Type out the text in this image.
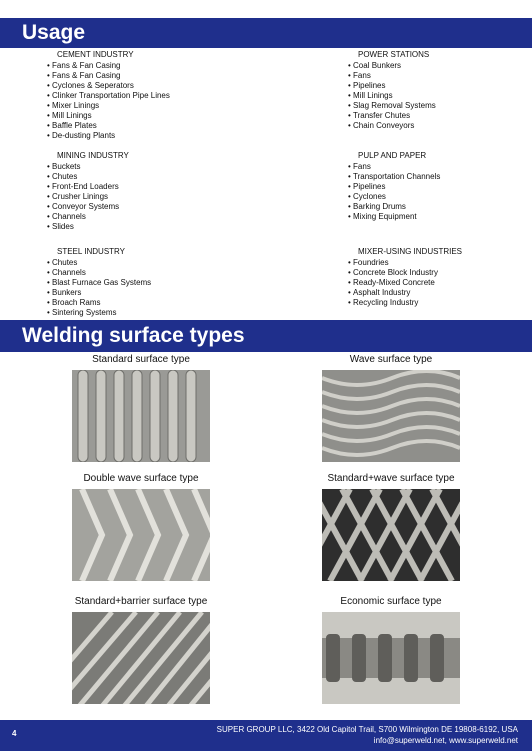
Usage
CEMENT INDUSTRY
• Fans & Fan Casing
• Fans & Fan Casing
• Cyclones & Seperators
• Clinker Transportation Pipe Lines
• Mixer Linings
• Mill Linings
• Baffle Plates
• De-dusting Plants
POWER STATIONS
• Coal Bunkers
• Fans
• Pipelines
• Mill Linings
• Slag Removal Systems
• Transfer Chutes
• Chain Conveyors
MINING INDUSTRY
• Buckets
• Chutes
• Front-End Loaders
• Crusher Linings
• Conveyor Systems
• Channels
• Slides
PULP AND PAPER
• Fans
• Transportation Channels
• Pipelines
• Cyclones
• Barking Drums
• Mixing Equipment
STEEL INDUSTRY
• Chutes
• Channels
• Blast Furnace Gas Systems
• Bunkers
• Broach Rams
• Sintering Systems
MIXER-USING INDUSTRIES
• Foundries
• Concrete Block Industry
• Ready-Mixed Concrete
• Asphalt Industry
• Recycling Industry
Welding surface types
Standard surface type	Wave surface type
Double wave surface type	Standard+wave surface type
Standard+barrier surface type	Economic surface type
4	SUPER GROUP LLC, 3422 Old Capitol Trail, S700 Wilmington DE 19808-6192, USA
info@superweld.net, www.superweld.net
